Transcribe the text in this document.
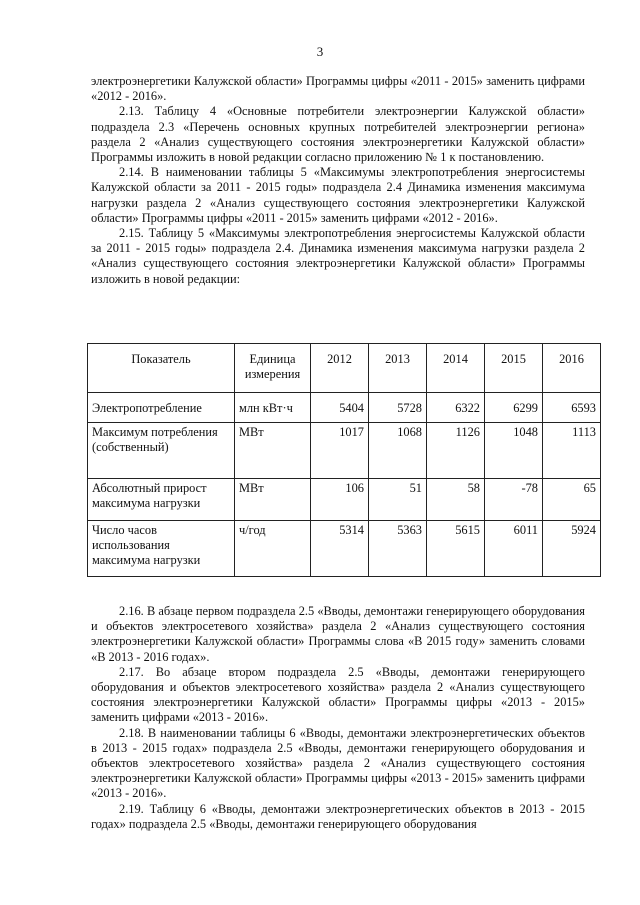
3

электроэнергетики Калужской области» Программы цифры «2011 - 2015» заменить цифрами «2012 - 2016».

2.13. Таблицу 4 «Основные потребители электроэнергии Калужской области» подраздела 2.3 «Перечень основных крупных потребителей электроэнергии региона» раздела 2 «Анализ существующего состояния электроэнергетики Калужской области» Программы изложить в новой редакции согласно приложению № 1 к постановлению.

2.14. В наименовании таблицы 5 «Максимумы электропотребления энергосистемы Калужской области за 2011 - 2015 годы» подраздела 2.4 Динамика изменения максимума нагрузки раздела 2 «Анализ существующего состояния электроэнергетики Калужской области» Программы цифры «2011 - 2015» заменить цифрами «2012 - 2016».

2.15. Таблицу 5 «Максимумы электропотребления энергосистемы Калужской области за 2011 - 2015 годы» подраздела 2.4. Динамика изменения максимума нагрузки раздела 2 «Анализ существующего состояния электроэнергетики Калужской области» Программы изложить в новой редакции:

Показатель	Единица измерения	2012	2013	2014	2015	2016
Электропотребление	млн кВт·ч	5404	5728	6322	6299	6593
Максимум потребления (собственный)	МВт	1017	1068	1126	1048	1113
Абсолютный прирост максимума нагрузки	МВт	106	51	58	-78	65
Число часов использования максимума нагрузки	ч/год	5314	5363	5615	6011	5924

2.16. В абзаце первом подраздела 2.5 «Вводы, демонтажи генерирующего оборудования и объектов электросетевого хозяйства» раздела 2 «Анализ существующего состояния электроэнергетики Калужской области» Программы слова «В 2015 году» заменить словами «В 2013 - 2016 годах».

2.17. Во абзаце втором подраздела 2.5 «Вводы, демонтажи генерирующего оборудования и объектов электросетевого хозяйства» раздела 2 «Анализ существующего состояния электроэнергетики Калужской области» Программы цифры «2013 - 2015» заменить цифрами «2013 - 2016».

2.18. В наименовании таблицы 6 «Вводы, демонтажи электроэнергетических объектов в 2013 - 2015 годах» подраздела 2.5 «Вводы, демонтажи генерирующего оборудования и объектов электросетевого хозяйства» раздела 2 «Анализ существующего состояния электроэнергетики Калужской области» Программы цифры «2013 - 2015» заменить цифрами «2013 - 2016».

2.19. Таблицу 6 «Вводы, демонтажи электроэнергетических объектов в 2013 - 2015 годах» подраздела 2.5 «Вводы, демонтажи генерирующего оборудования
